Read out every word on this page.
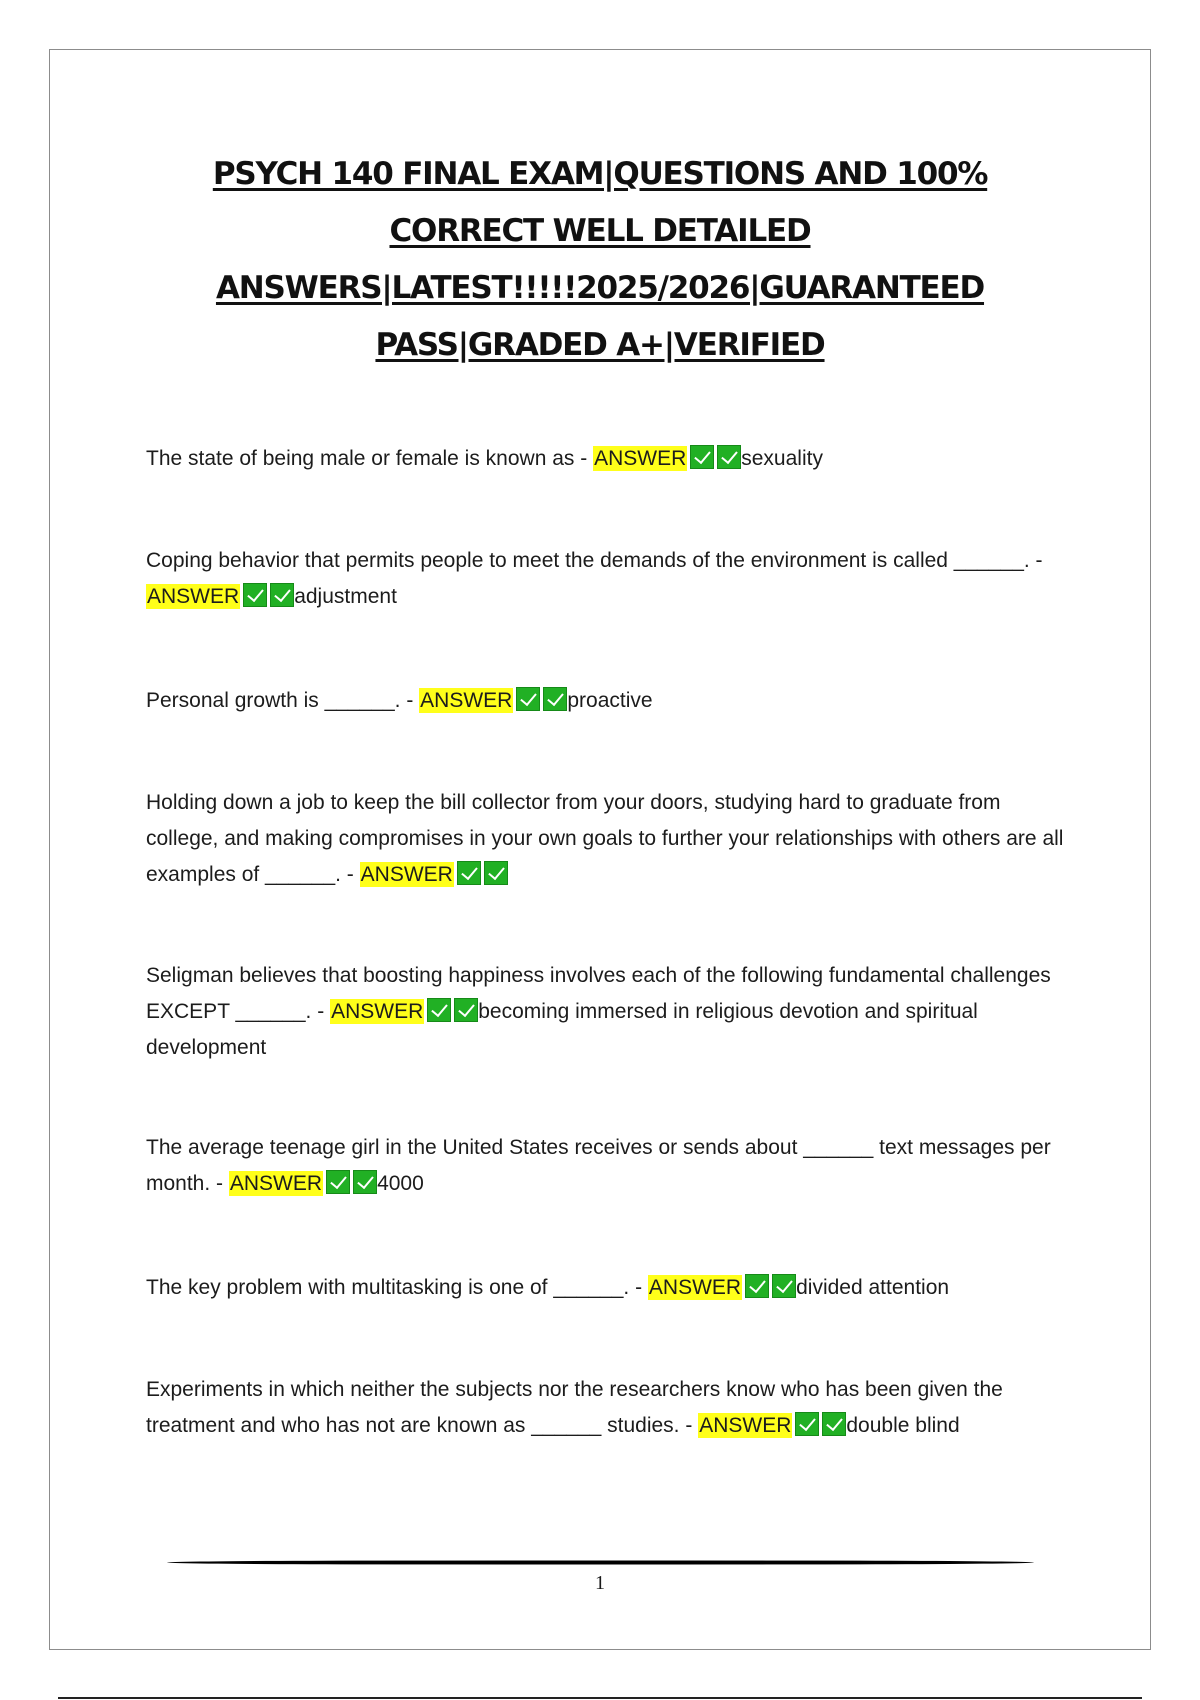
PSYCH 140 FINAL EXAM|QUESTIONS AND 100% CORRECT WELL DETAILED ANSWERS|LATEST!!!!!2025/2026|GUARANTEED PASS|GRADED A+|VERIFIED

The state of being male or female is known as - ANSWER	sexuality

Coping behavior that permits people to meet the demands of the environment is called ______. - ANSWER	adjustment

Personal growth is ______. - ANSWER	proactive

Holding down a job to keep the bill collector from your doors, studying hard to graduate from college, and making compromises in your own goals to further your relationships with others are all examples of ______. - ANSWER

Seligman believes that boosting happiness involves each of the following fundamental challenges EXCEPT ______. - ANSWER	becoming immersed in religious devotion and spiritual development

The average teenage girl in the United States receives or sends about ______ text messages per month. - ANSWER	4000

The key problem with multitasking is one of ______. - ANSWER	divided attention

Experiments in which neither the subjects nor the researchers know who has been given the treatment and who has not are known as ______ studies. - ANSWER	double blind

1
